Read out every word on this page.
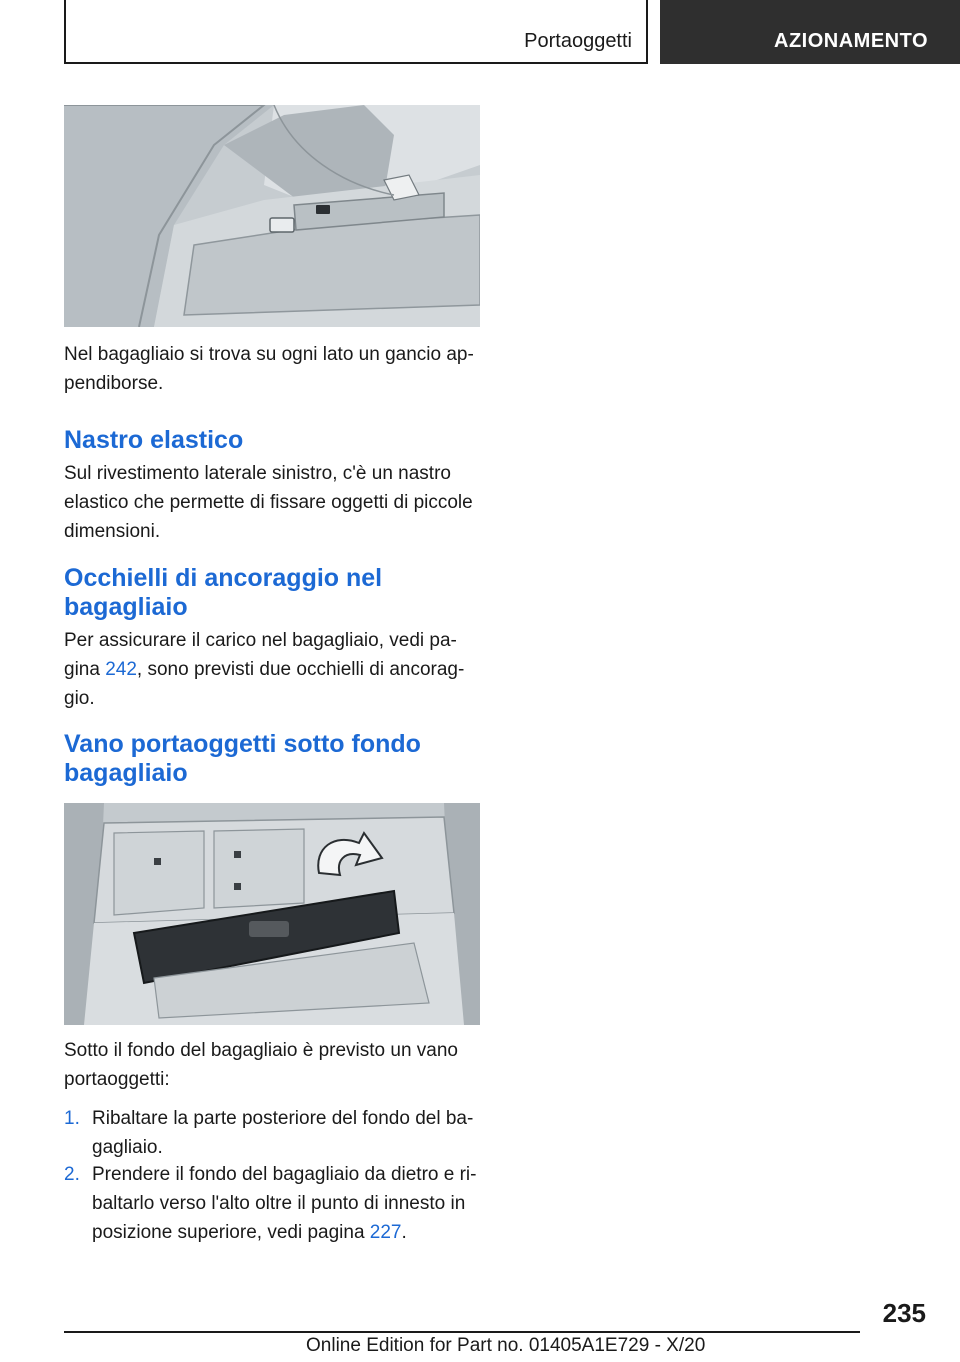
Portaoggetti	AZIONAMENTO

Nel bagagliaio si trova su ogni lato un gancio ap-
pendiborse.

Nastro elastico

Sul rivestimento laterale sinistro, c'è un nastro
elastico che permette di fissare oggetti di piccole
dimensioni.

Occhielli di ancoraggio nel
bagagliaio

Per assicurare il carico nel bagagliaio, vedi pa-
gina 242, sono previsti due occhielli di ancorag-
gio.

Vano portaoggetti sotto fondo
bagagliaio

Sotto il fondo del bagagliaio è previsto un vano
portaoggetti:

1. Ribaltare la parte posteriore del fondo del ba-
gagliaio.
2. Prendere il fondo del bagagliaio da dietro e ri-
baltarlo verso l'alto oltre il punto di innesto in
posizione superiore, vedi pagina 227.
235
Online Edition for Part no. 01405A1E729 - X/20
